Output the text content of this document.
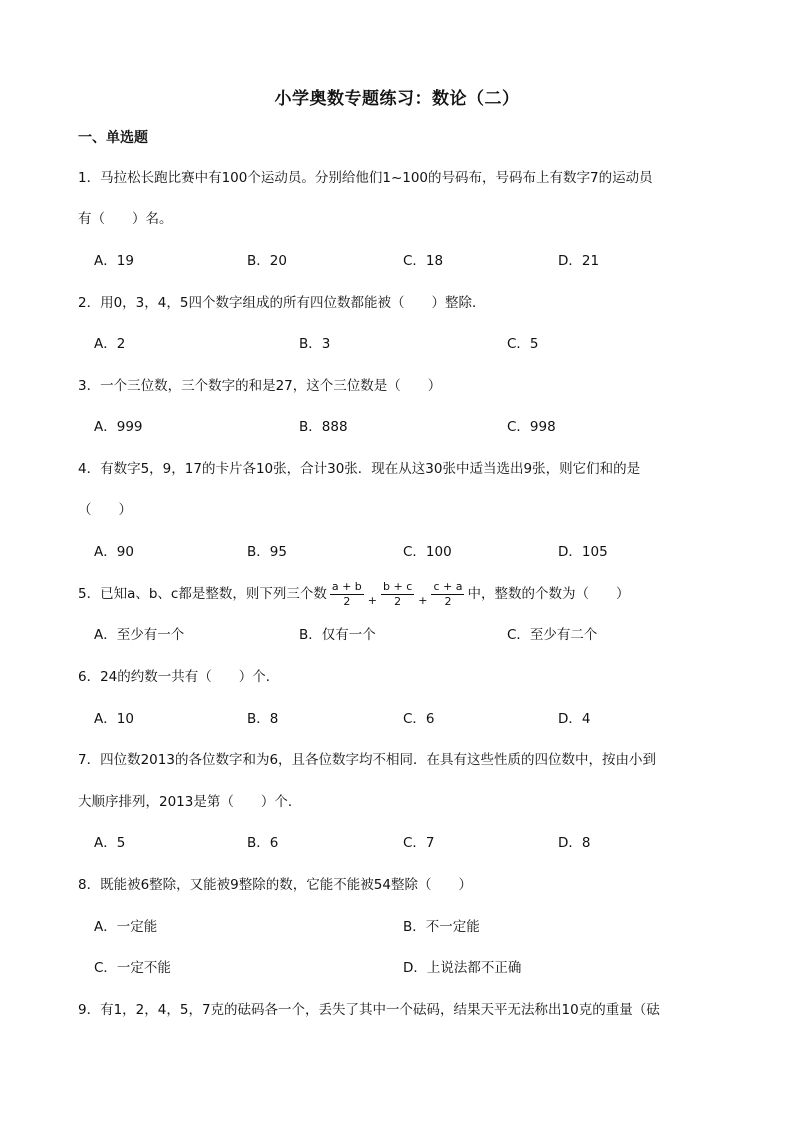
小学奥数专题练习：数论（二）
一、单选题
1．马拉松长跑比赛中有100个运动员。分别给他们1~100的号码布，号码布上有数字7的运动员
有（　　）名。
A．19	B．20	C．18	D．21
2．用0，3，4，5四个数字组成的所有四位数都能被（　　）整除．
A．2	B．3	C．5
3．一个三位数，三个数字的和是27，这个三位数是（　　）
A．999	B．888	C．998
4．有数字5，9，17的卡片各10张，合计30张．现在从这30张中适当选出9张，则它们和的是
（　　）
A．90	B．95	C．100	D．105
5．已知a、b、c都是整数，则下列三个数 $\frac{a + b}{2} _+ \frac{b + c}{2} _+ \frac{c + a}{2}$ 中，整数的个数为（　　）
A．至少有一个	B．仅有一个	C．至少有二个
6．24的约数一共有（　　）个．
A．10	B．8	C．6	D．4
7．四位数2013的各位数字和为6，且各位数字均不相同．在具有这些性质的四位数中，按由小到
大顺序排列，2013是第（　　）个．
A．5	B．6	C．7	D．8
8．既能被6整除，又能被9整除的数，它能不能被54整除（　　）
A．一定能	B．不一定能
C．一定不能	D．上说法都不正确
9．有1，2，4，5，7克的砝码各一个，丢失了其中一个砝码，结果天平无法称出10克的重量（砝
